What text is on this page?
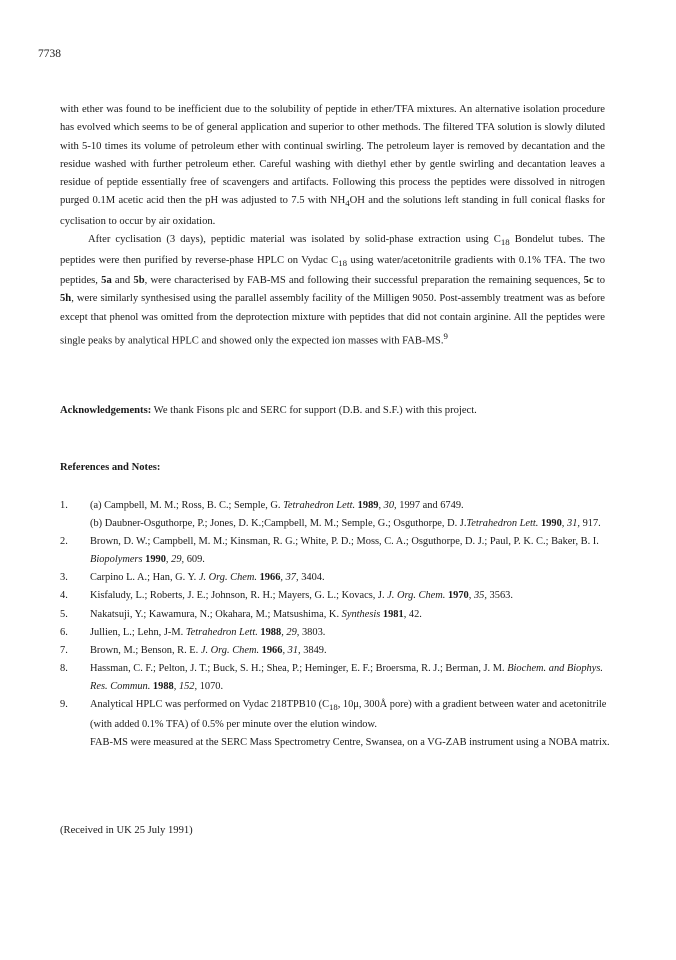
7738

with ether was found to be inefficient due to the solubility of peptide in ether/TFA mixtures. An alternative isolation procedure has evolved which seems to be of general application and superior to other methods. The filtered TFA solution is slowly diluted with 5-10 times its volume of petroleum ether with continual swirling. The petroleum layer is removed by decantation and the residue washed with further petroleum ether. Careful washing with diethyl ether by gentle swirling and decantation leaves a residue of peptide essentially free of scavengers and artifacts. Following this process the peptides were dissolved in nitrogen purged 0.1M acetic acid then the pH was adjusted to 7.5 with $NH_4OH$ and the solutions left standing in full conical flasks for cyclisation to occur by air oxidation.

After cyclisation (3 days), peptidic material was isolated by solid-phase extraction using $C_{18}$ Bondelut tubes. The peptides were then purified by reverse-phase HPLC on Vydac $C_{18}$ using water/acetonitrile gradients with 0.1% TFA. The two peptides, 5a and 5b, were characterised by FAB-MS and following their successful preparation the remaining sequences, 5c to 5h, were similarly synthesised using the parallel assembly facility of the Milligen 9050. Post-assembly treatment was as before except that phenol was omitted from the deprotection mixture with peptides that did not contain arginine. All the peptides were single peaks by analytical HPLC and showed only the expected ion masses with FAB-MS.$^9$

Acknowledgements: We thank Fisons plc and SERC for support (D.B. and S.F.) with this project.
References and Notes:
1. (a) Campbell, M. M.; Ross, B. C.; Semple, G. Tetrahedron Lett. 1989, 30, 1997 and 6749.
(b) Daubner-Osguthorpe, P.; Jones, D. K.;Campbell, M. M.; Semple, G.; Osguthorpe, D. J.Tetrahedron Lett. 1990, 31, 917.
2. Brown, D. W.; Campbell, M. M.; Kinsman, R. G.; White, P. D.; Moss, C. A.; Osguthorpe, D. J.; Paul, P. K. C.; Baker, B. I. Biopolymers 1990, 29, 609.
3. Carpino L. A.; Han, G. Y. J. Org. Chem. 1966, 37, 3404.
4. Kisfaludy, L.; Roberts, J. E.; Johnson, R. H.; Mayers, G. L.; Kovacs, J. J. Org. Chem. 1970, 35, 3563.
5. Nakatsuji, Y.; Kawamura, N.; Okahara, M.; Matsushima, K. Synthesis 1981, 42.
6. Jullien, L.; Lehn, J-M. Tetrahedron Lett. 1988, 29, 3803.
7. Brown, M.; Benson, R. E. J. Org. Chem. 1966, 31, 3849.
8. Hassman, C. F.; Pelton, J. T.; Buck, S. H.; Shea, P.; Heminger, E. F.; Broersma, R. J.; Berman, J. M. Biochem. and Biophys. Res. Commun. 1988, 152, 1070.
9. Analytical HPLC was performed on Vydac 218TPB10 ($C_{18}$, 10μ, 300Å pore) with a gradient between water and acetonitrile (with added 0.1% TFA) of 0.5% per minute over the elution window.
FAB-MS were measured at the SERC Mass Spectrometry Centre, Swansea, on a VG-ZAB instrument using a NOBA matrix.
(Received in UK 25 July 1991)
